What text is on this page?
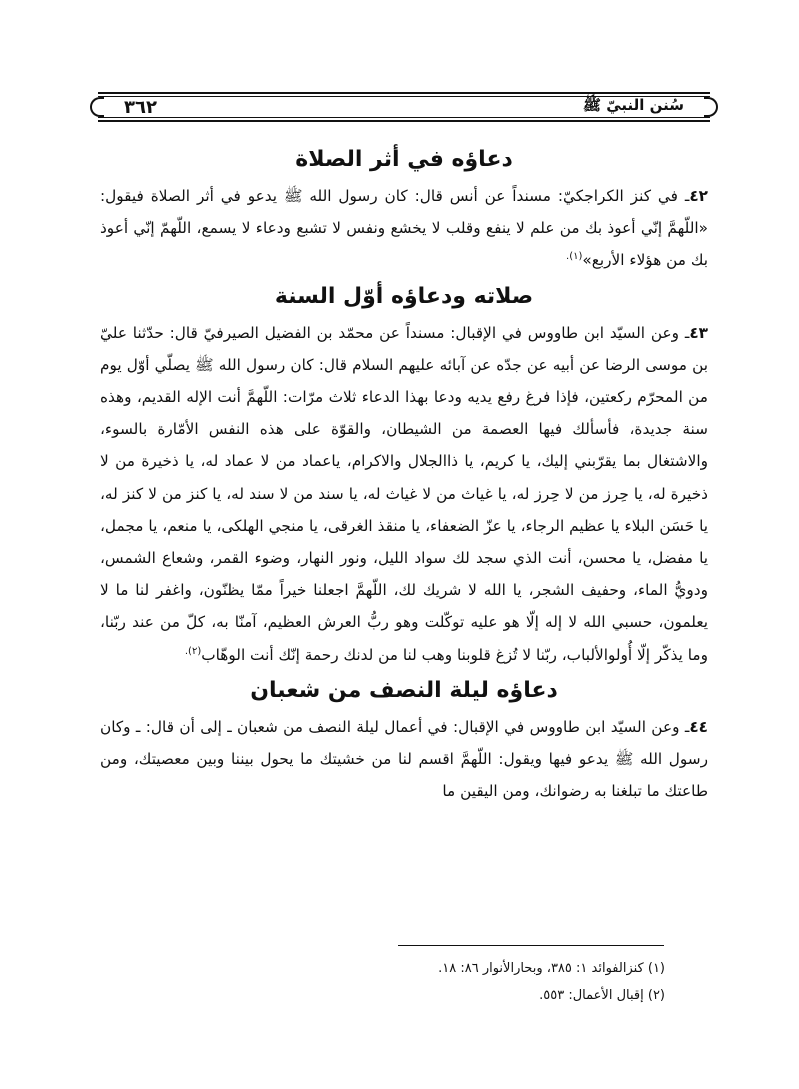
٣٦٢	سُنن النبيّ ﷺ
دعاؤه في أثر الصلاة

٤٢ـ في كنز الكراجكيّ: مسنداً عن أنس قال: كان رسول الله ﷺ يدعو في أثر الصلاة فيقول: «اللّهمَّ إنّي أعوذ بك من علم لا ينفع وقلب لا يخشع ونفس لا تشبع ودعاء لا يسمع، اللّهمّ إنّي أعوذ بك من هؤلاء الأربع»$^{(١).}$

صلاته ودعاؤه أوّل السنة

٤٣ـ وعن السيّد ابن طاووس في الإقبال: مسنداً عن محمّد بن الفضيل الصيرفيّ قال: حدّثنا عليّ بن موسى الرضا عن أبيه عن جدّه عن آبائه عليهم السلام قال: كان رسول الله ﷺ يصلّي أوّل يوم من المحرّم ركعتين، فإذا فرغ رفع يديه ودعا بهذا الدعاء ثلاث مرّات: اللّهمَّ أنت الإله القديم، وهذه سنة جديدة، فأسألك فيها العصمة من الشيطان، والقوّة على هذه النفس الأمّارة بالسوء، والاشتغال بما يقرّبني إليك، يا كريم، يا ذاالجلال والاكرام، ياعماد من لا عماد له، يا ذخيرة من لا ذخيرة له، يا حِرز من لا حِرز له، يا غياث من لا غياث له، يا سند من لا سند له، يا كنز من لا كنز له، يا حَسَن البلاء يا عظيم الرجاء، يا عزّ الضعفاء، يا منقذ الغرقى، يا منجي الهلكى، يا منعم، يا مجمل، يا مفضل، يا محسن، أنت الذي سجد لك سواد الليل، ونور النهار، وضوء القمر، وشعاع الشمس، ودويُّ الماء، وحفيف الشجر، يا الله لا شريك لك، اللّهمَّ اجعلنا خيراً ممّا يظنّون، واغفر لنا ما لا يعلمون، حسبي الله لا إله إلّا هو عليه توكّلت وهو ربُّ العرش العظيم، آمنّا به، كلّ من عند ربّنا، وما يذكّر إلّا أُولوالألباب، ربّنا لا تُزغ قلوبنا وهب لنا من لدنك رحمة إنّك أنت الوهّاب$^{(٢).}$

دعاؤه ليلة النصف من شعبان

٤٤ـ وعن السيّد ابن طاووس في الإقبال: في أعمال ليلة النصف من شعبان ـ إلى أن قال: ـ وكان رسول الله ﷺ يدعو فيها ويقول: اللّهمَّ اقسم لنا من خشيتك ما يحول بيننا وبين معصيتك، ومن طاعتك ما تبلغنا به رضوانك، ومن اليقين ما

(١) كنزالفوائد ١: ٣٨٥، وبحارالأنوار ٨٦: ١٨.

(٢) إقبال الأعمال: ٥٥٣.
